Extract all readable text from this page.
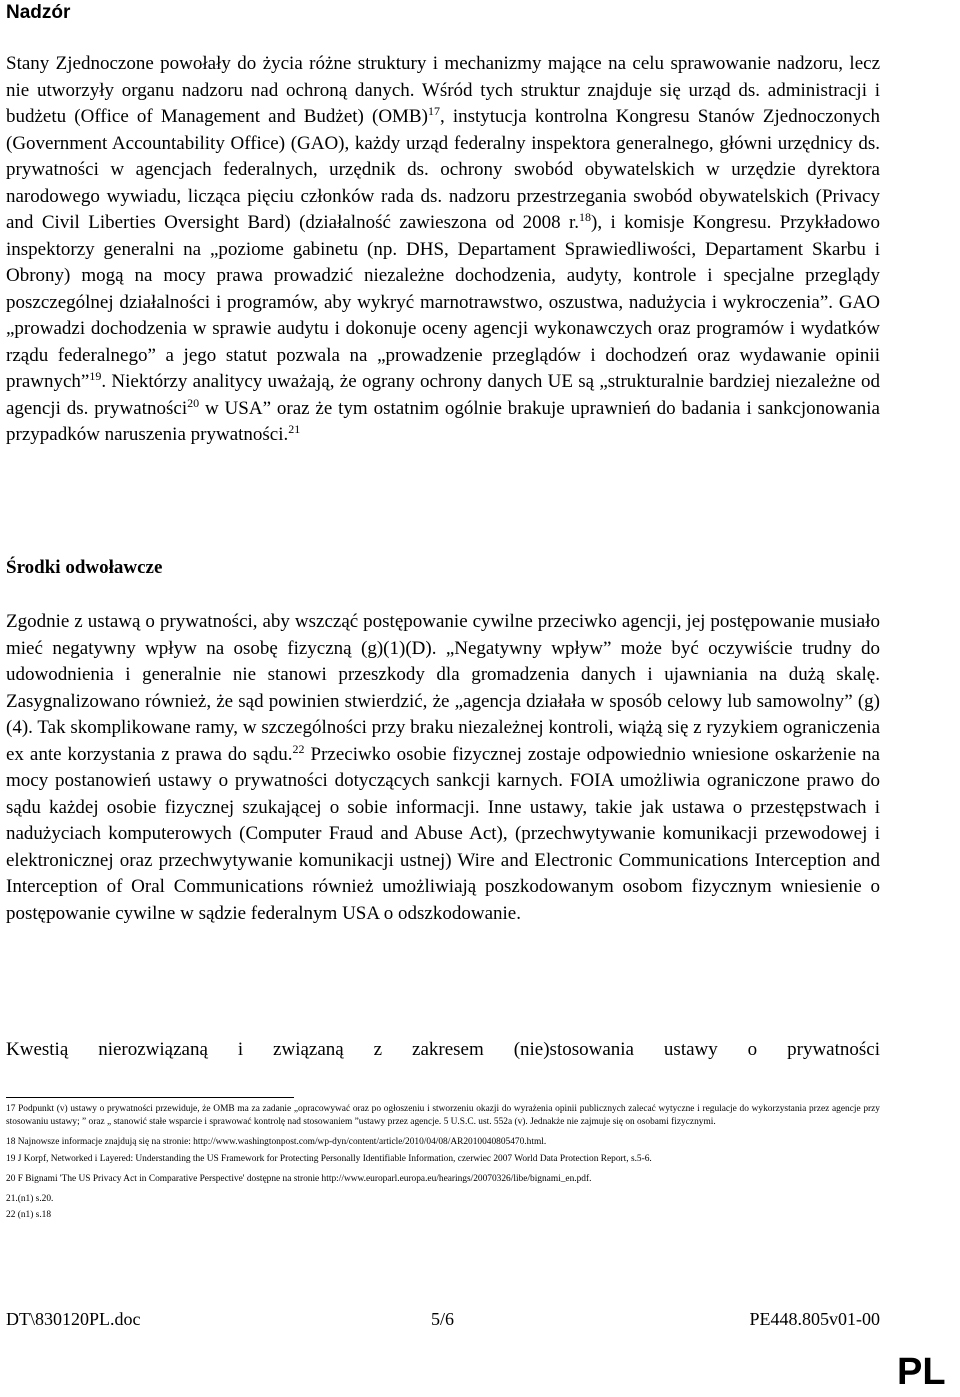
Nadzór

Stany Zjednoczone powołały do życia różne struktury i mechanizmy mające na celu sprawowanie nadzoru, lecz nie utworzyły organu nadzoru nad ochroną danych. Wśród tych struktur znajduje się urząd ds. administracji i budżetu (Office of Management and Budżet) (OMB)$^{17}$, instytucja kontrolna Kongresu Stanów Zjednoczonych (Government Accountability Office) (GAO), każdy urząd federalny inspektora generalnego, główni urzędnicy ds. prywatności w agencjach federalnych, urzędnik ds. ochrony swobód obywatelskich w urzędzie dyrektora narodowego wywiadu, licząca pięciu członków rada ds. nadzoru przestrzegania swobód obywatelskich (Privacy and Civil Liberties Oversight Bard) (działalność zawieszona od 2008 r.$^{18}$), i komisje Kongresu. Przykładowo inspektorzy generalni na „poziome gabinetu (np. DHS, Departament Sprawiedliwości, Departament Skarbu i Obrony) mogą na mocy prawa prowadzić niezależne dochodzenia, audyty, kontrole i specjalne przeglądy poszczególnej działalności i programów, aby wykryć marnotrawstwo, oszustwa, nadużycia i wykroczenia”. GAO „prowadzi dochodzenia w sprawie audytu i dokonuje oceny agencji wykonawczych oraz programów i wydatków rządu federalnego” a jego statut pozwala na „prowadzenie przeglądów i dochodzeń oraz wydawanie opinii prawnych”$^{19}$. Niektórzy analitycy uważają, że ograny ochrony danych UE są „strukturalnie bardziej niezależne od agencji ds. prywatności$^{20}$ w USA” oraz że tym ostatnim ogólnie brakuje uprawnień do badania i sankcjonowania przypadków naruszenia prywatności.$^{21}$

Środki odwoławcze

Zgodnie z ustawą o prywatności, aby wszcząć postępowanie cywilne przeciwko agencji, jej postępowanie musiało mieć negatywny wpływ na osobę fizyczną (g)(1)(D). „Negatywny wpływ” może być oczywiście trudny do udowodnienia i generalnie nie stanowi przeszkody dla gromadzenia danych i ujawniania na dużą skalę. Zasygnalizowano również, że sąd powinien stwierdzić, że „agencja działała w sposób celowy lub samowolny” (g)(4). Tak skomplikowane ramy, w szczególności przy braku niezależnej kontroli, wiążą się z ryzykiem ograniczenia ex ante korzystania z prawa do sądu.$^{22}$ Przeciwko osobie fizycznej zostaje odpowiednio wniesione oskarżenie na mocy postanowień ustawy o prywatności dotyczących sankcji karnych. FOIA umożliwia ograniczone prawo do sądu każdej osobie fizycznej szukającej o sobie informacji. Inne ustawy, takie jak ustawa o przestępstwach i nadużyciach komputerowych (Computer Fraud and Abuse Act), (przechwytywanie komunikacji przewodowej i elektronicznej oraz przechwytywanie komunikacji ustnej) Wire and Electronic Communications Interception and Interception of Oral Communications również umożliwiają poszkodowanym osobom fizycznym wniesienie o postępowanie cywilne w sądzie federalnym USA o odszkodowanie.

Kwestią nierozwiązaną i związaną z zakresem (nie)stosowania ustawy o prywatności

17 Podpunkt (v) ustawy o prywatności przewiduje, że OMB ma za zadanie „opracowywać oraz po ogłoszeniu i stworzeniu okazji do wyrażenia opinii publicznych zalecać wytyczne i regulacje do wykorzystania przez agencje przy stosowaniu ustawy; ” oraz „ stanowić stałe wsparcie i sprawować kontrolę nad stosowaniem ”ustawy przez agencje. 5 U.S.C. ust. 552a (v). Jednakże nie zajmuje się on osobami fizycznymi.

18 Najnowsze informacje znajdują się na stronie: http://www.washingtonpost.com/wp-dyn/content/article/2010/04/08/AR2010040805470.html.

19 J Korpf, Networked i Layered: Understanding the US Framework for Protecting Personally Identifiable Information, czerwiec 2007 World Data Protection Report, s.5-6.

20 F Bignami 'The US Privacy Act in Comparative Perspective' dostępne na stronie http://www.europarl.europa.eu/hearings/20070326/libe/bignami_en.pdf.

21.(n1) s.20.

22 (n1) s.18

DT\830120PL.doc	5/6	PE448.805v01-00
PL
